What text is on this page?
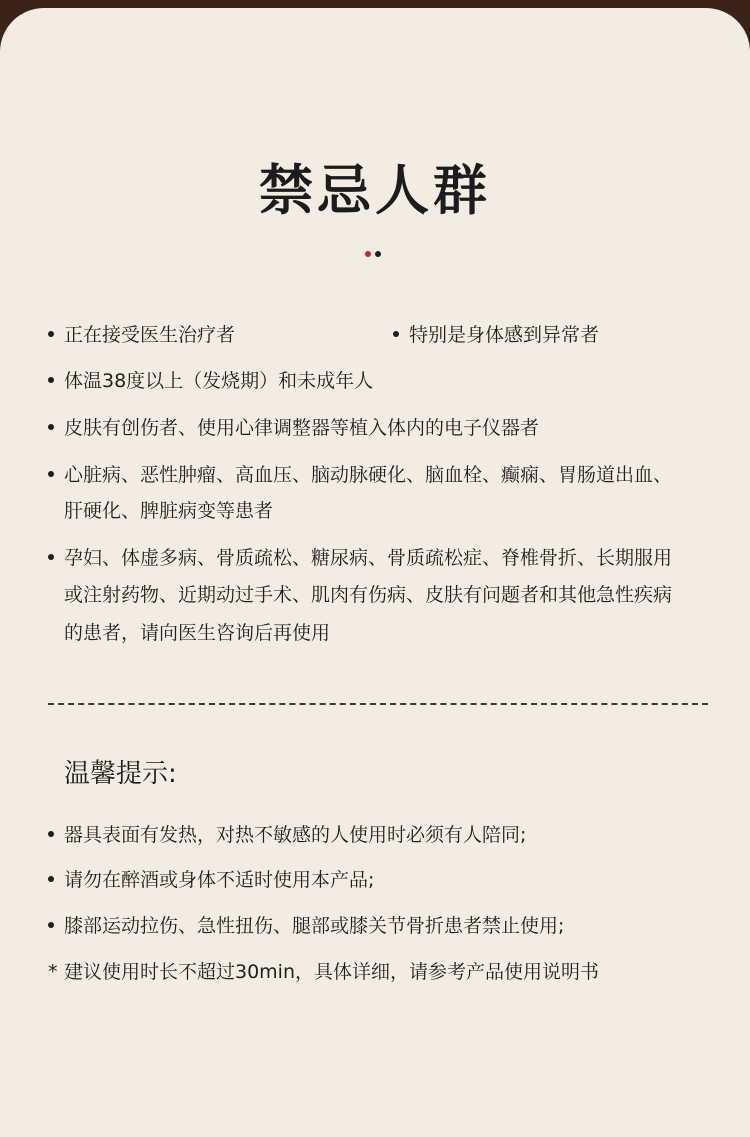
禁忌人群
正在接受医生治疗者	特别是身体感到异常者
体温38度以上（发烧期）和未成年人
皮肤有创伤者、使用心律调整器等植入体内的电子仪器者
心脏病、恶性肿瘤、高血压、脑动脉硬化、脑血栓、癫痫、胃肠道出血、
肝硬化、脾脏病变等患者
孕妇、体虚多病、骨质疏松、糖尿病、骨质疏松症、脊椎骨折、长期服用
或注射药物、近期动过手术、肌肉有伤病、皮肤有问题者和其他急性疾病
的患者，请向医生咨询后再使用
温馨提示:
器具表面有发热，对热不敏感的人使用时必须有人陪同;
请勿在醉酒或身体不适时使用本产品;
膝部运动拉伤、急性扭伤、腿部或膝关节骨折患者禁止使用;
* 建议使用时长不超过30min，具体详细，请参考产品使用说明书
